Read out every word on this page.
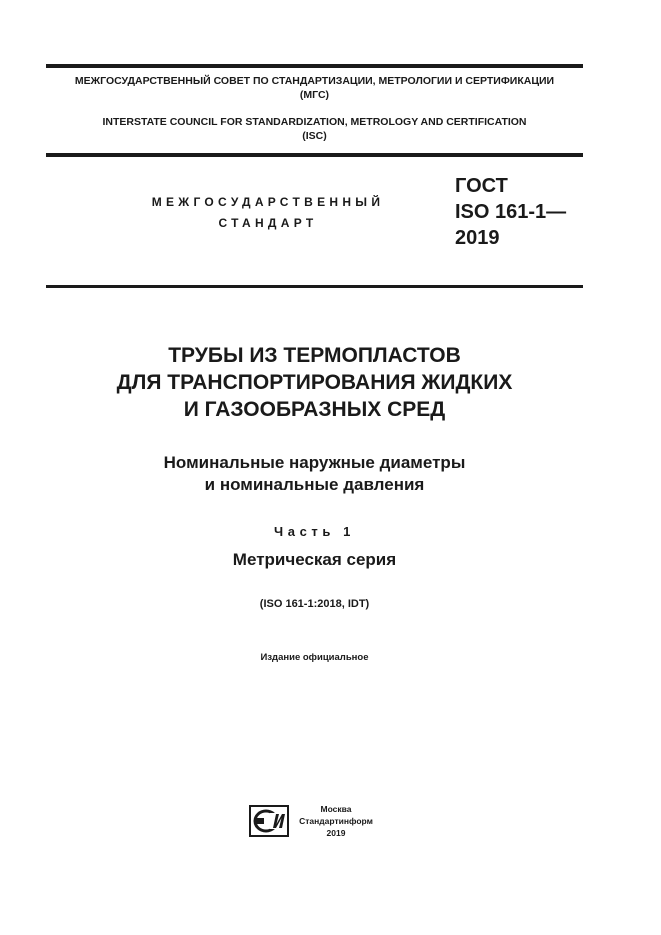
МЕЖГОСУДАРСТВЕННЫЙ СОВЕТ ПО СТАНДАРТИЗАЦИИ, МЕТРОЛОГИИ И СЕРТИФИКАЦИИ
(МГС)
INTERSTATE COUNCIL FOR STANDARDIZATION, METROLOGY AND CERTIFICATION
(ISC)
МЕЖГОСУДАРСТВЕННЫЙ
СТАНДАРТ
ГОСТ
ISO 161-1—
2019
ТРУБЫ ИЗ ТЕРМОПЛАСТОВ
ДЛЯ ТРАНСПОРТИРОВАНИЯ ЖИДКИХ
И ГАЗООБРАЗНЫХ СРЕД
Номинальные наружные диаметры
и номинальные давления
Часть 1
Метрическая серия
(ISO 161-1:2018, IDT)
Издание официальное
Москва
Стандартинформ
2019
